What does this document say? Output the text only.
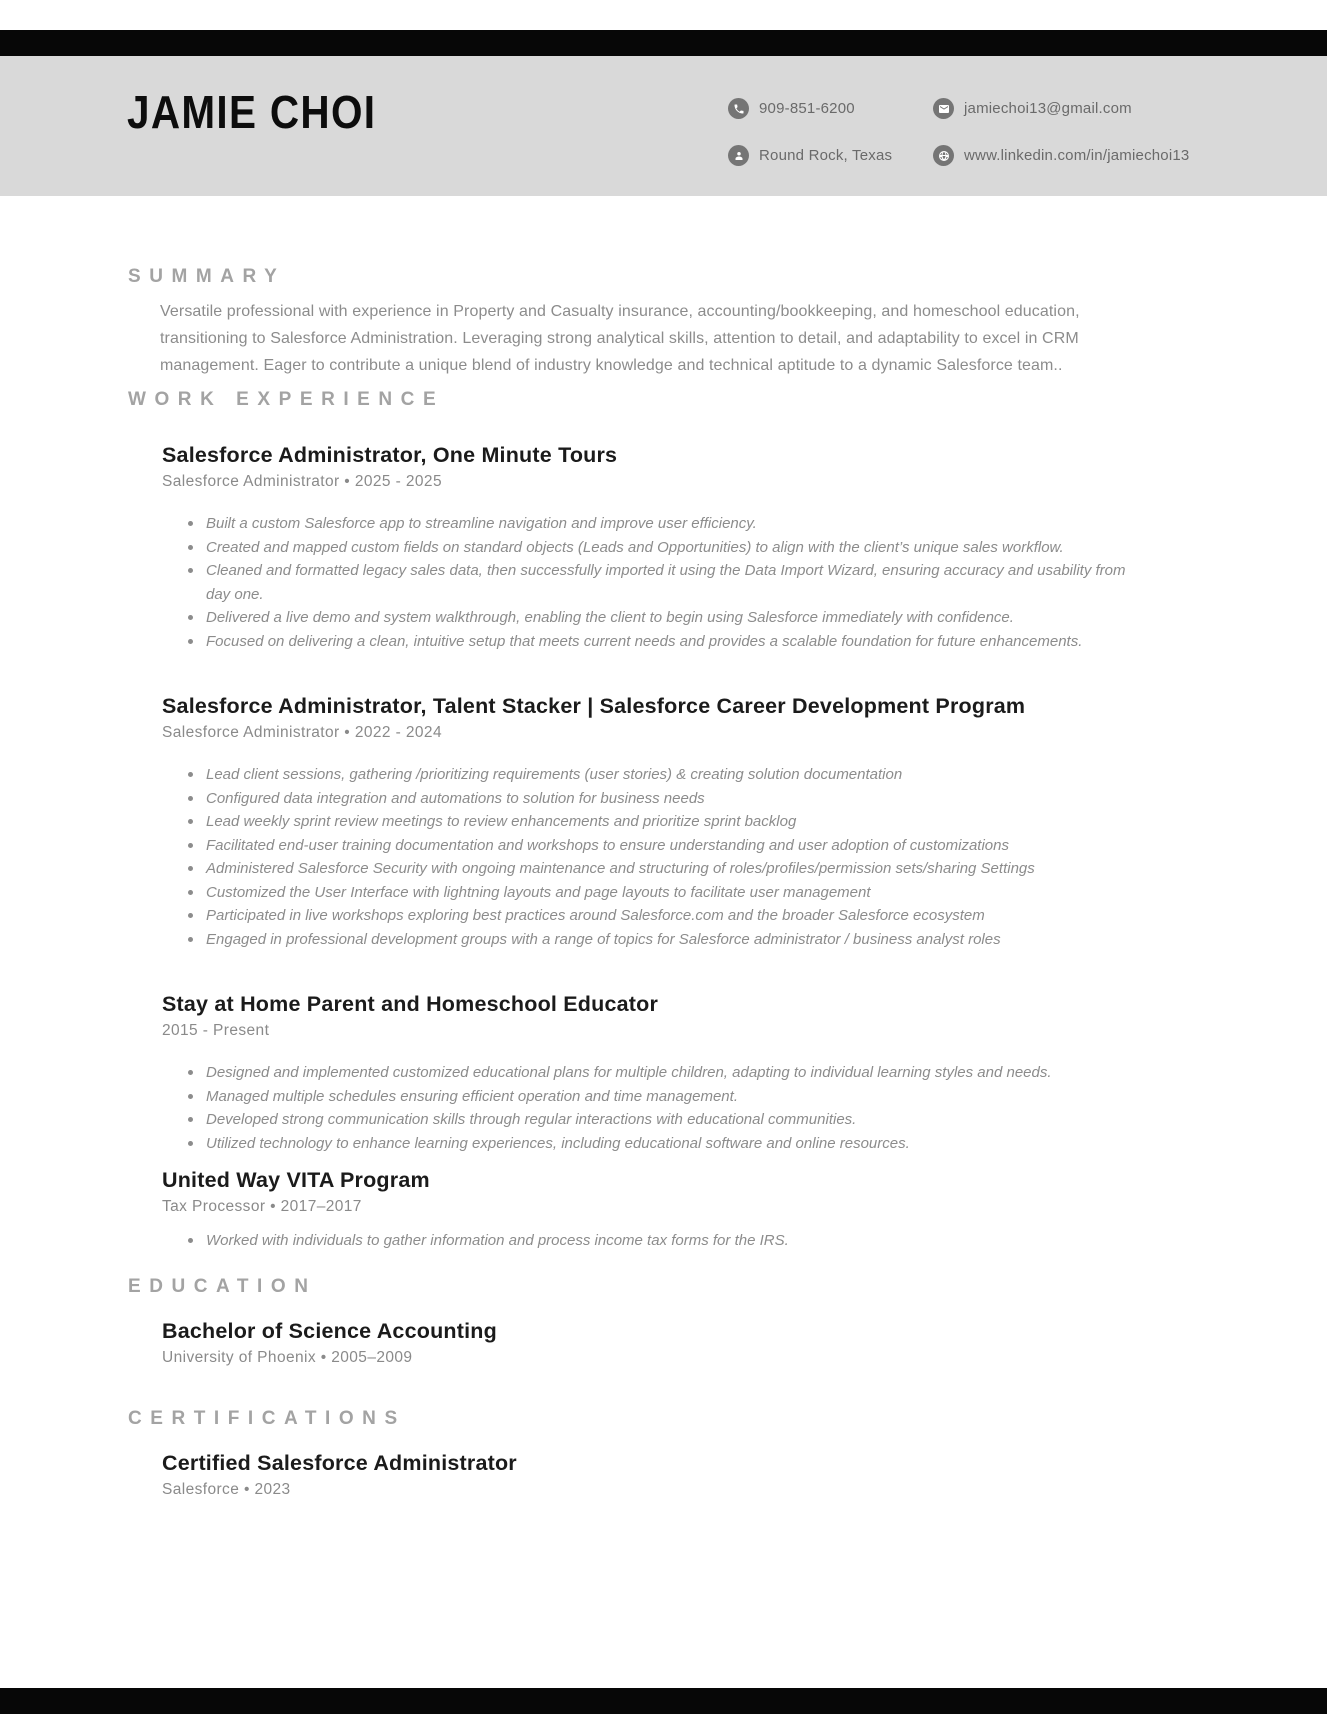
JAMIE CHOI	909-851-6200	jamiechoi13@gmail.com
Round Rock, Texas	www.linkedin.com/in/jamiechoi13
SUMMARY

Versatile professional with experience in Property and Casualty insurance, accounting/bookkeeping, and homeschool education, transitioning to Salesforce Administration. Leveraging strong analytical skills, attention to detail, and adaptability to excel in CRM management. Eager to contribute a unique blend of industry knowledge and technical aptitude to a dynamic Salesforce team..

WORK EXPERIENCE
Salesforce Administrator, One Minute Tours
Salesforce Administrator • 2025 - 2025
Built a custom Salesforce app to streamline navigation and improve user efficiency.
Created and mapped custom fields on standard objects (Leads and Opportunities) to align with the client’s unique sales workflow.
Cleaned and formatted legacy sales data, then successfully imported it using the Data Import Wizard, ensuring accuracy and usability from day one.
Delivered a live demo and system walkthrough, enabling the client to begin using Salesforce immediately with confidence.
Focused on delivering a clean, intuitive setup that meets current needs and provides a scalable foundation for future enhancements.
Salesforce Administrator, Talent Stacker | Salesforce Career Development Program
Salesforce Administrator • 2022 - 2024
Lead client sessions, gathering /prioritizing requirements (user stories) & creating solution documentation
Configured data integration and automations to solution for business needs
Lead weekly sprint review meetings to review enhancements and prioritize sprint backlog
Facilitated end-user training documentation and workshops to ensure understanding and user adoption of customizations
Administered Salesforce Security with ongoing maintenance and structuring of roles/profiles/permission sets/sharing Settings
Customized the User Interface with lightning layouts and page layouts to facilitate user management
Participated in live workshops exploring best practices around Salesforce.com and the broader Salesforce ecosystem
Engaged in professional development groups with a range of topics for Salesforce administrator / business analyst roles
Stay at Home Parent and Homeschool Educator
2015 - Present
Designed and implemented customized educational plans for multiple children, adapting to individual learning styles and needs.
Managed multiple schedules ensuring efficient operation and time management.
Developed strong communication skills through regular interactions with educational communities.
Utilized technology to enhance learning experiences, including educational software and online resources.
United Way VITA Program
Tax Processor • 2017–2017
Worked with individuals to gather information and process income tax forms for the IRS.
EDUCATION
Bachelor of Science Accounting
University of Phoenix • 2005–2009
CERTIFICATIONS
Certified Salesforce Administrator
Salesforce • 2023
